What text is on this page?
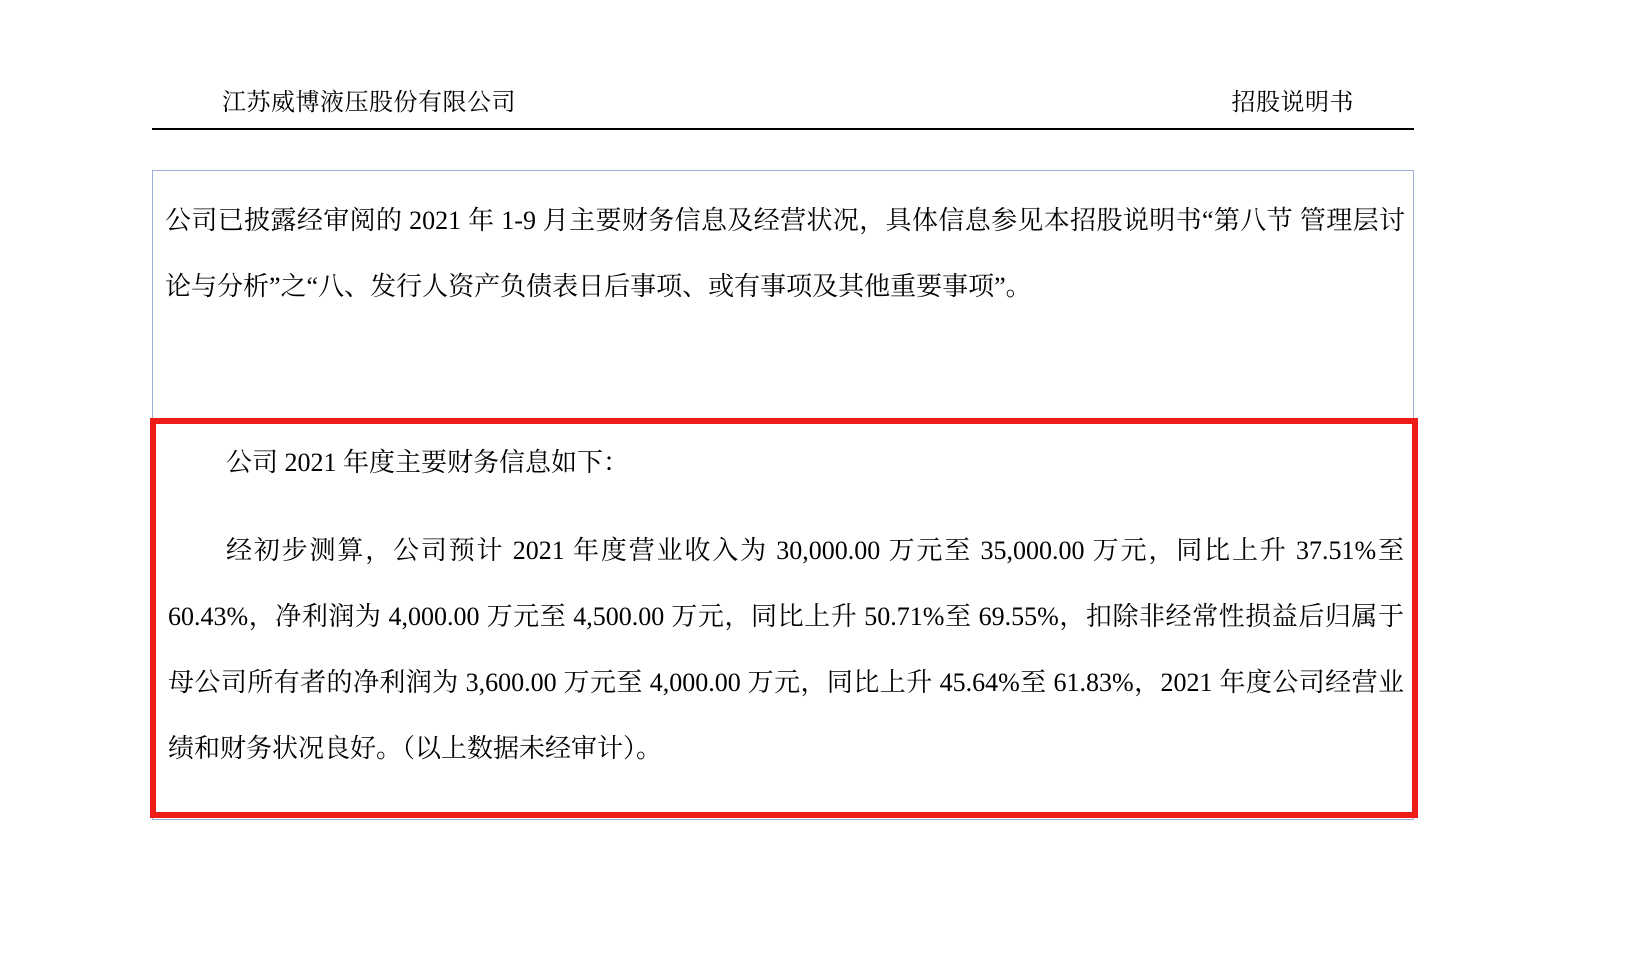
江苏威博液压股份有限公司	招股说明书

公司已披露经审阅的 2021 年 1-9 月主要财务信息及经营状况，具体信息参见本招股说明书“第八节 管理层讨论与分析”之“八、发行人资产负债表日后事项、或有事项及其他重要事项”。

公司 2021 年度主要财务信息如下：

经初步测算，公司预计 2021 年度营业收入为 30,000.00 万元至 35,000.00 万元，同比上升 37.51%至 60.43%，净利润为 4,000.00 万元至 4,500.00 万元，同比上升 50.71%至 69.55%，扣除非经常性损益后归属于母公司所有者的净利润为 3,600.00 万元至 4,000.00 万元，同比上升 45.64%至 61.83%，2021 年度公司经营业绩和财务状况良好。（以上数据未经审计）。
